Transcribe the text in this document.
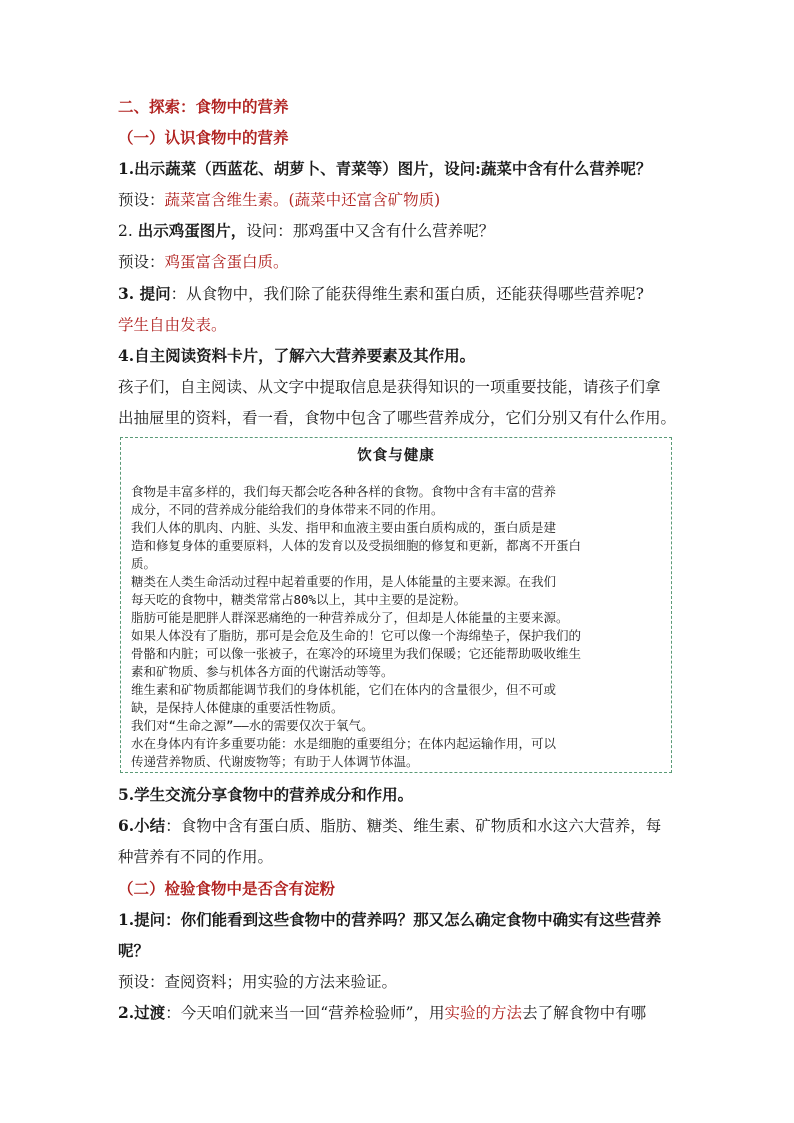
二、探索：食物中的营养
（一）认识食物中的营养
1.出示蔬菜（西蓝花、胡萝卜、青菜等）图片，设问:蔬菜中含有什么营养呢？
预设：蔬菜富含维生素。(蔬菜中还富含矿物质)
2. 出示鸡蛋图片，设问：那鸡蛋中又含有什么营养呢？
预设：鸡蛋富含蛋白质。
3. 提问：从食物中，我们除了能获得维生素和蛋白质，还能获得哪些营养呢?
学生自由发表。
4.自主阅读资料卡片，了解六大营养要素及其作用。
孩子们，自主阅读、从文字中提取信息是获得知识的一项重要技能，请孩子们拿
出抽屉里的资料，看一看，食物中包含了哪些营养成分，它们分别又有什么作用。
饮食与健康
食物是丰富多样的，我们每天都会吃各种各样的食物。食物中含有丰富的营养
成分，不同的营养成分能给我们的身体带来不同的作用。
我们人体的肌肉、内脏、头发、指甲和血液主要由蛋白质构成的，蛋白质是建
造和修复身体的重要原料，人体的发育以及受损细胞的修复和更新，都离不开蛋白
质。
糖类在人类生命活动过程中起着重要的作用，是人体能量的主要来源。在我们
每天吃的食物中，糖类常常占80%以上，其中主要的是淀粉。
脂肪可能是肥胖人群深恶痛绝的一种营养成分了，但却是人体能量的主要来源。
如果人体没有了脂肪，那可是会危及生命的！它可以像一个海绵垫子，保护我们的
骨骼和内脏；可以像一张被子，在寒冷的环境里为我们保暖；它还能帮助吸收维生
素和矿物质、参与机体各方面的代谢活动等等。
维生素和矿物质都能调节我们的身体机能，它们在体内的含量很少，但不可或
缺，是保持人体健康的重要活性物质。
我们对“生命之源”——水的需要仅次于氧气。
水在身体内有许多重要功能：水是细胞的重要组分；在体内起运输作用，可以
传递营养物质、代谢废物等；有助于人体调节体温。
5.学生交流分享食物中的营养成分和作用。
6.小结：食物中含有蛋白质、脂肪、糖类、维生素、矿物质和水这六大营养，每
种营养有不同的作用。
（二）检验食物中是否含有淀粉
1.提问：你们能看到这些食物中的营养吗？那又怎么确定食物中确实有这些营养
呢？
预设：查阅资料；用实验的方法来验证。
2.过渡：今天咱们就来当一回“营养检验师”，用实验的方法去了解食物中有哪
